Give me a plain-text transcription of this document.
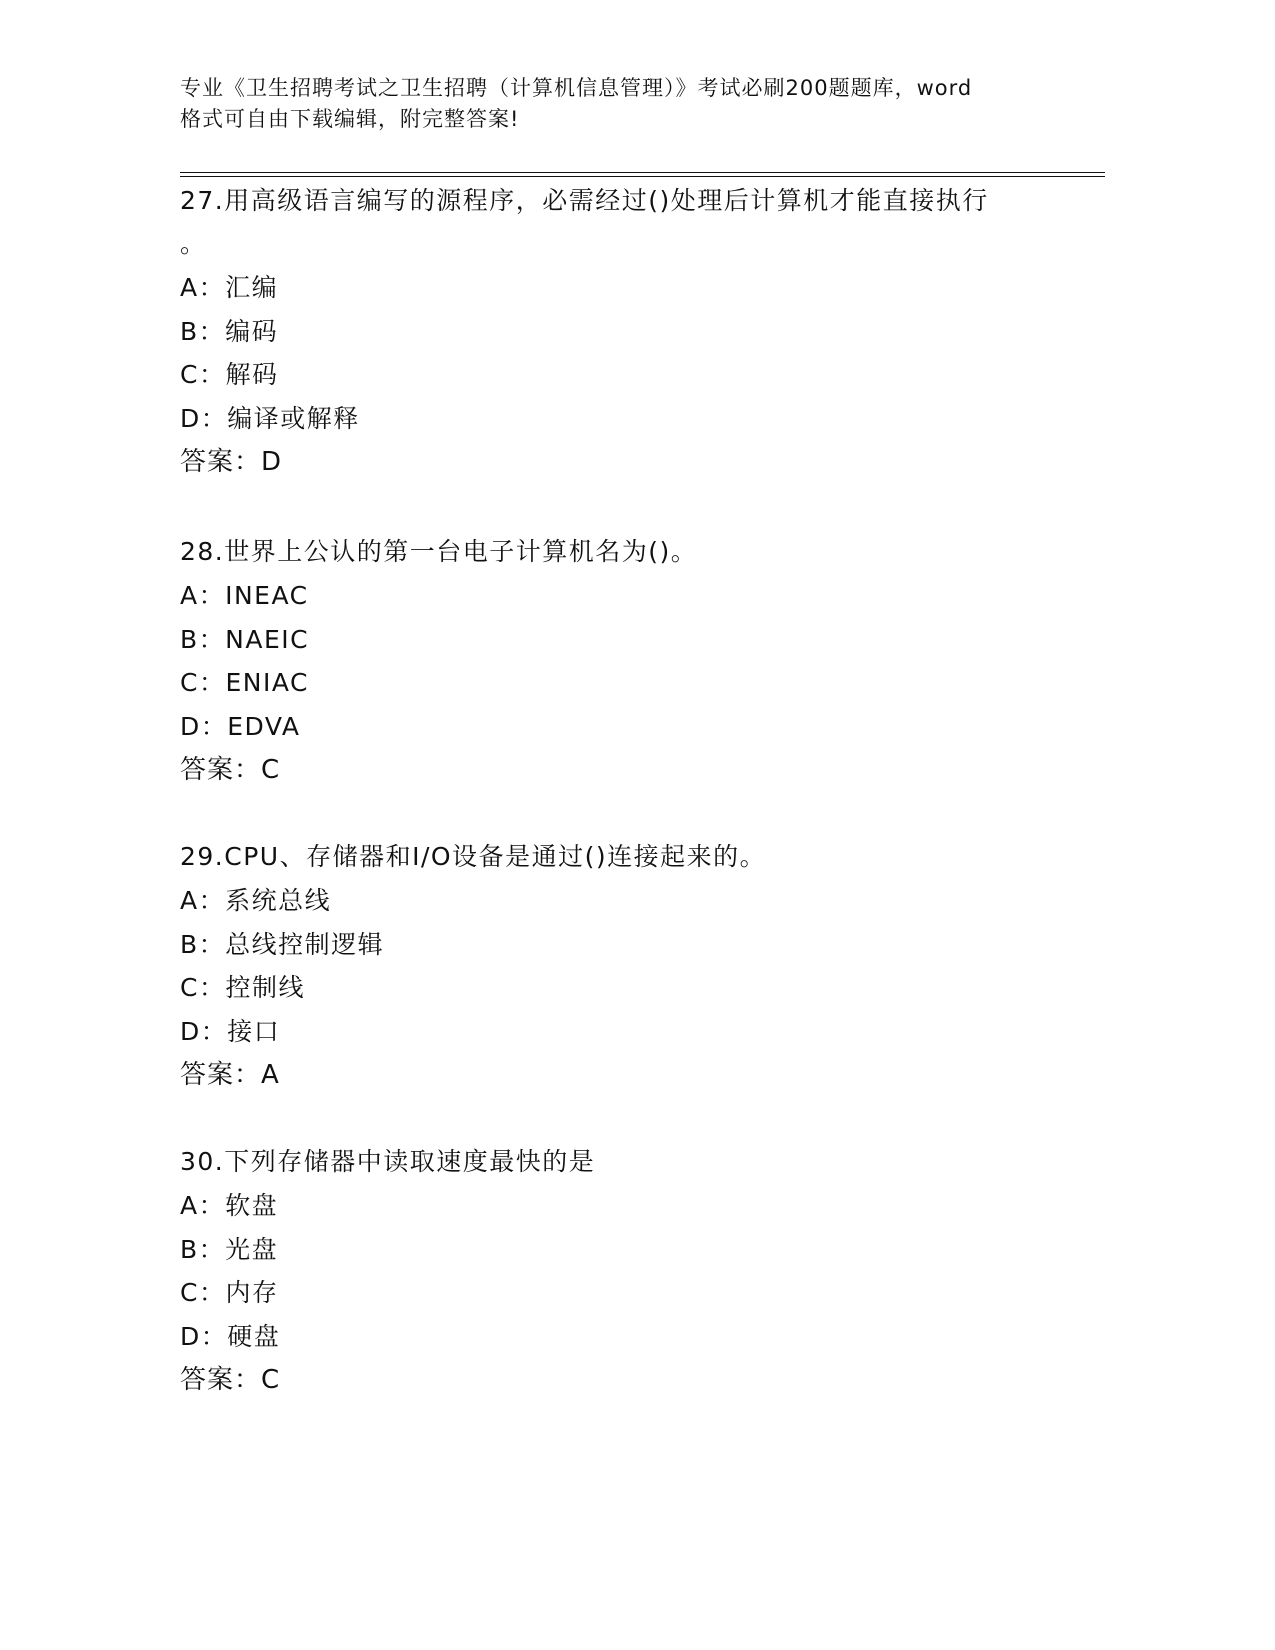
专业《卫生招聘考试之卫生招聘（计算机信息管理）》考试必刷200题题库，word
格式可自由下载编辑，附完整答案!

27.用高级语言编写的源程序，必需经过()处理后计算机才能直接执行

。

A：汇编

B：编码

C：解码

D：编译或解释

答案：D

28.世界上公认的第一台电子计算机名为()。

A：INEAC

B：NAEIC

C：ENIAC

D：EDVA

答案：C

29.CPU、存储器和I/O设备是通过()连接起来的。

A：系统总线

B：总线控制逻辑

C：控制线

D：接口

答案：A

30.下列存储器中读取速度最快的是

A：软盘

B：光盘

C：内存

D：硬盘

答案：C
